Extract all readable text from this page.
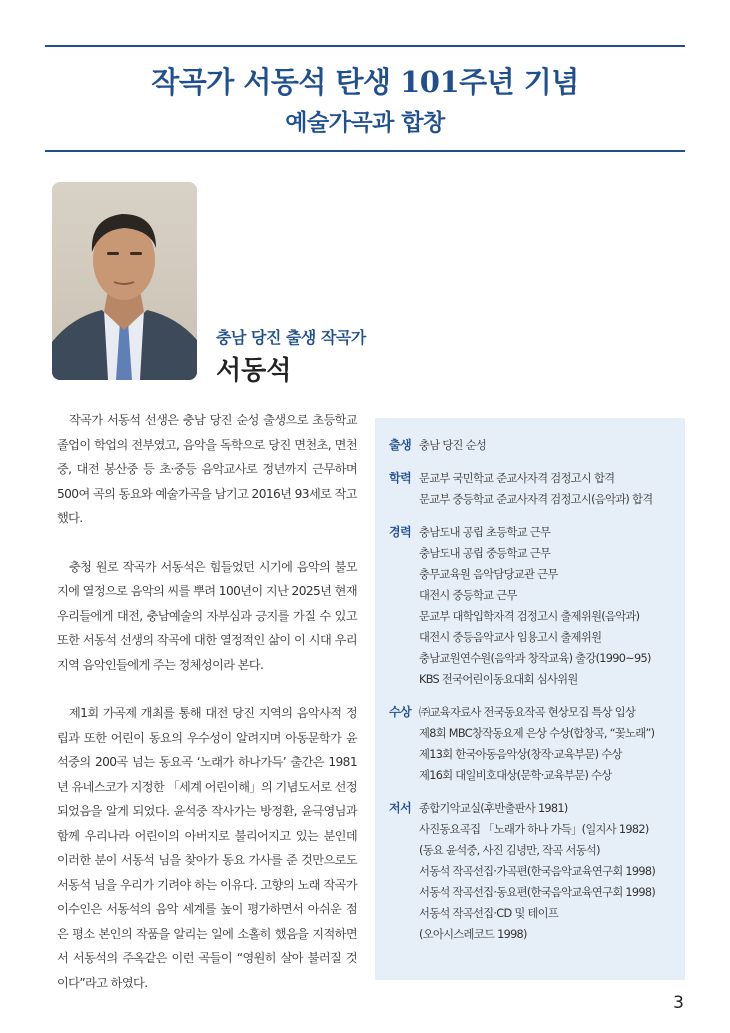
작곡가 서동석 탄생 101주년 기념
예술가곡과 합창
충남 당진 출생 작곡가
서동석

작곡가 서동석 선생은 충남 당진 순성 출생으로 초등학교 졸업이 학업의 전부였고, 음악을 독학으로 당진 면천초, 면천중, 대전 봉산중 등 초·중등 음악교사로 정년까지 근무하며 500여 곡의 동요와 예술가곡을 남기고 2016년 93세로 작고했다.

충청 원로 작곡가 서동석은 힘들었던 시기에 음악의 불모지에 열정으로 음악의 씨를 뿌려 100년이 지난 2025년 현재 우리들에게 대전, 충남예술의 자부심과 긍지를 가질 수 있고 또한 서동석 선생의 작곡에 대한 열정적인 삶이 이 시대 우리지역 음악인들에게 주는 정체성이라 본다.

제1회 가곡제 개최를 통해 대전 당진 지역의 음악사적 정립과 또한 어린이 동요의 우수성이 알려지며 아동문학가 윤석중의 200곡 넘는 동요곡 ‘노래가 하나가득’ 출간은 1981년 유네스코가 지정한 「세계 어린이해」의 기념도서로 선정되었음을 알게 되었다. 윤석중 작사가는 방정환, 윤극영님과 함께 우리나라 어린이의 아버지로 불리어지고 있는 분인데 이러한 분이 서동석 님을 찾아가 동요 가사를 준 것만으로도 서동석 님을 우리가 기려야 하는 이유다. 고향의 노래 작곡가 이수인은 서동석의 음악 세계를 높이 평가하면서 아쉬운 점은 평소 본인의 작품을 알리는 일에 소홀히 했음을 지적하면서 서동석의 주옥같은 이런 곡들이 “영원히 살아 불러질 것이다”라고 하였다.

출생 충남 당진 순성
학력 문교부 국민학교 준교사자격 검정고시 합격
문교부 중등학교 준교사자격 검정고시(음악과) 합격
경력 충남도내 공립 초등학교 근무
충남도내 공립 중등학교 근무
충무교육원 음악담당교관 근무
대전시 중등학교 근무
문교부 대학입학자격 검정고시 출제위원(음악과)
대전시 중등음악교사 임용고시 출제위원
충남교원연수원(음악과 창작교육) 출강(1990~95)
KBS 전국어린이동요대회 심사위원
수상 ㈜교육자료사 전국동요작곡 현상모집 특상 입상
제8회 MBC창작동요제 은상 수상(합창곡, “꽃노래”)
제13회 한국아동음악상(창작·교육부문) 수상
제16회 대일비호대상(문학·교육부문) 수상
저서 종합기악교실(후반출판사 1981)
사진동요곡집 「노래가 하나 가득」(일지사 1982)
(동요 윤석중, 사진 김녕만, 작곡 서동석)
서동석 작곡선집·가곡편(한국음악교육연구회 1998)
서동석 작곡선집·동요편(한국음악교육연구회 1998)
서동석 작곡선집·CD 및 테이프
(오아시스레코드 1998)
3
